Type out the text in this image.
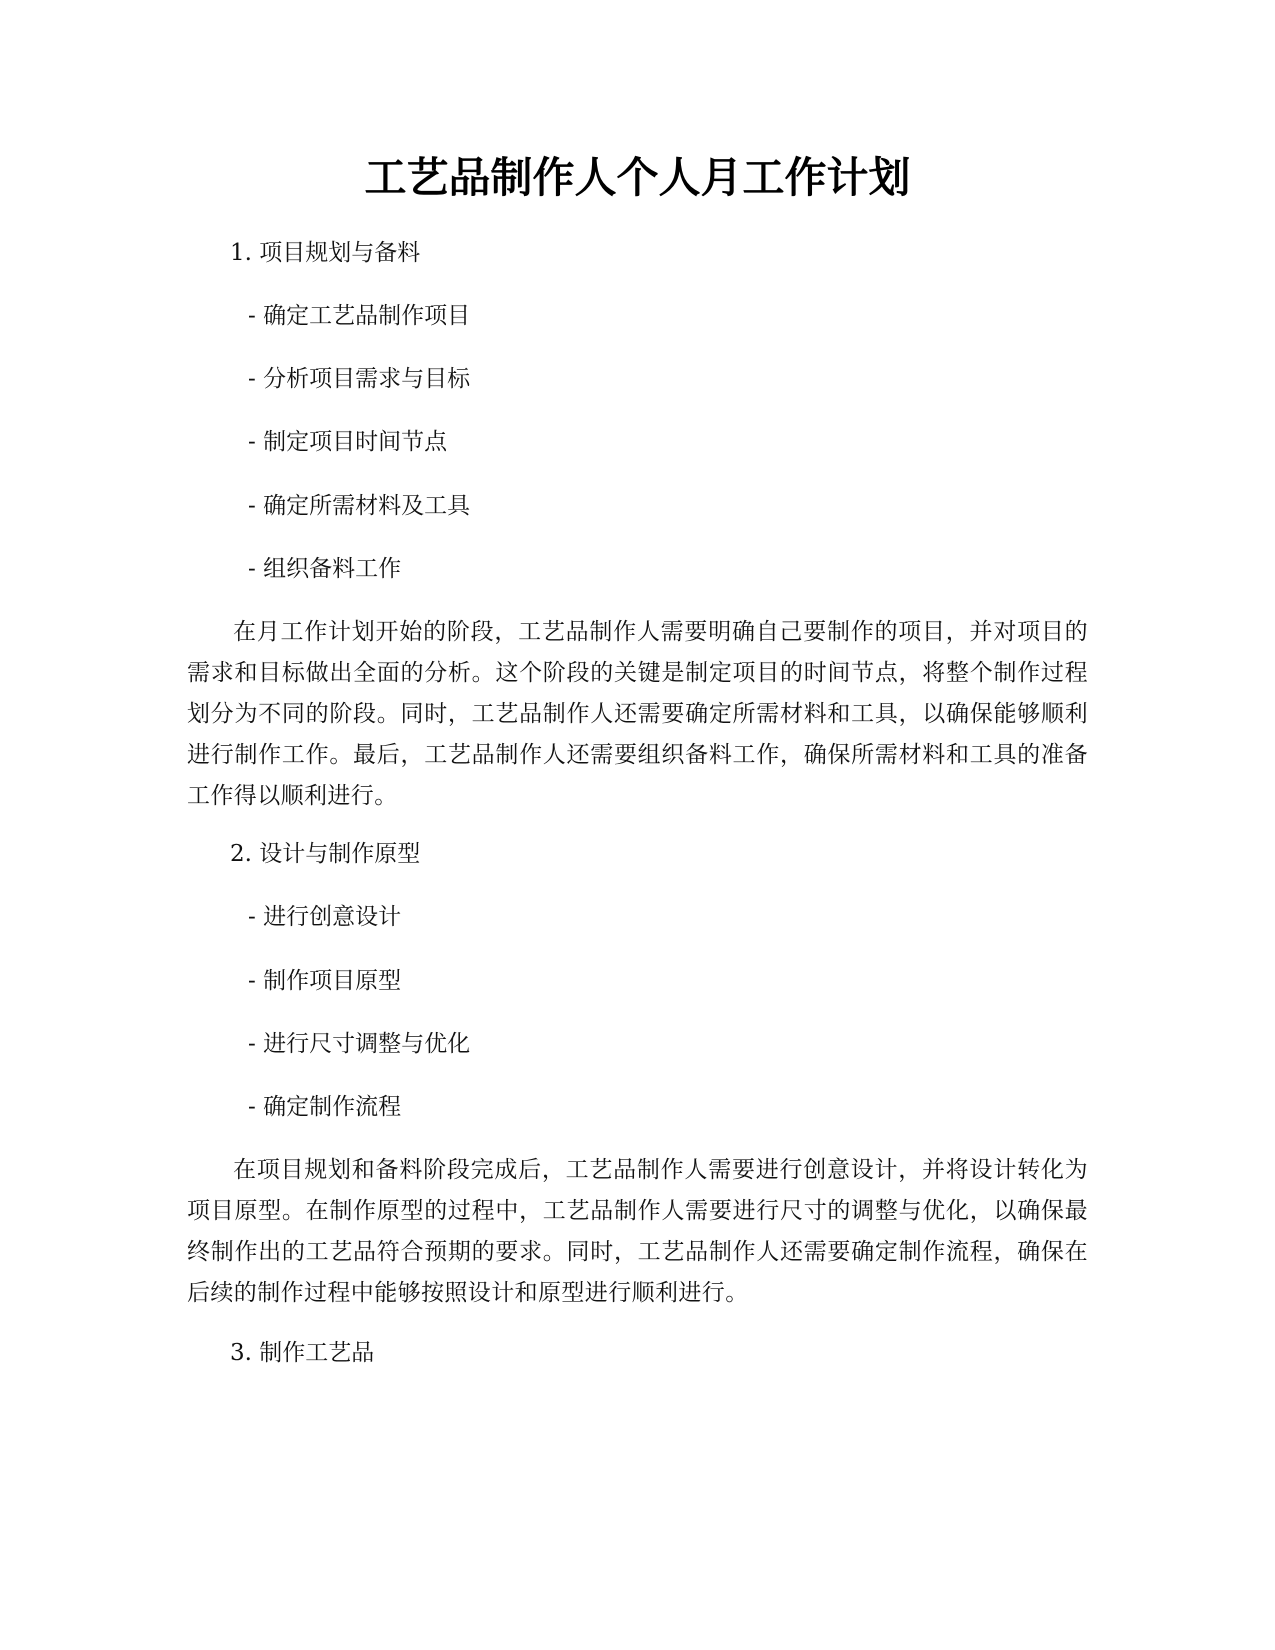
工艺品制作人个人月工作计划

1. 项目规划与备料

- 确定工艺品制作项目

- 分析项目需求与目标

- 制定项目时间节点

- 确定所需材料及工具

- 组织备料工作

在月工作计划开始的阶段，工艺品制作人需要明确自己要制作的项目，并对项目的需求和目标做出全面的分析。这个阶段的关键是制定项目的时间节点，将整个制作过程划分为不同的阶段。同时，工艺品制作人还需要确定所需材料和工具，以确保能够顺利进行制作工作。最后，工艺品制作人还需要组织备料工作，确保所需材料和工具的准备工作得以顺利进行。

2. 设计与制作原型

- 进行创意设计

- 制作项目原型

- 进行尺寸调整与优化

- 确定制作流程

在项目规划和备料阶段完成后，工艺品制作人需要进行创意设计，并将设计转化为项目原型。在制作原型的过程中，工艺品制作人需要进行尺寸的调整与优化，以确保最终制作出的工艺品符合预期的要求。同时，工艺品制作人还需要确定制作流程，确保在后续的制作过程中能够按照设计和原型进行顺利进行。

3. 制作工艺品
